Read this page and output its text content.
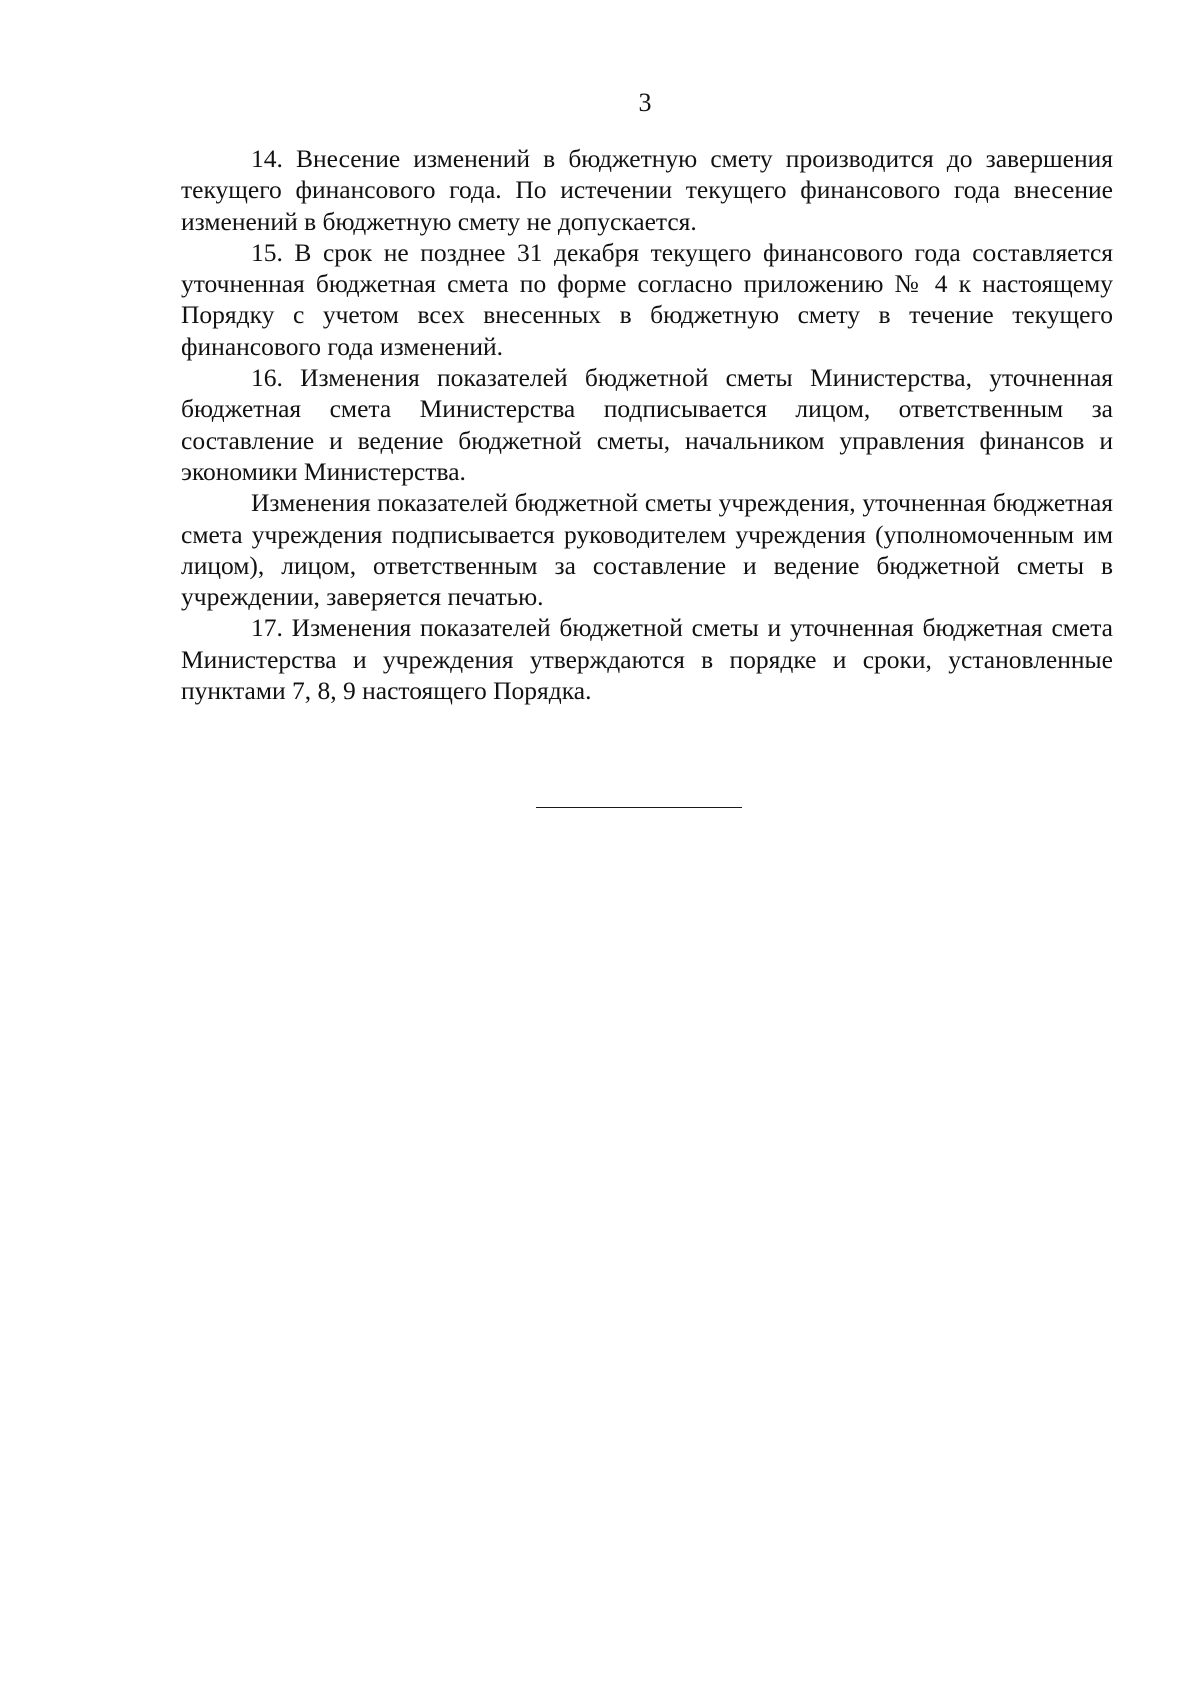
3

14. Внесение изменений в бюджетную смету производится до завершения текущего финансового года. По истечении текущего финансового года внесение изменений в бюджетную смету не допускается.

15. В срок не позднее 31 декабря текущего финансового года составляется уточненная бюджетная смета по форме согласно приложению № 4 к настоящему Порядку с учетом всех внесенных в бюджетную смету в течение текущего финансового года изменений.

16. Изменения показателей бюджетной сметы Министерства, уточненная бюджетная смета Министерства подписывается лицом, ответственным за составление и ведение бюджетной сметы, начальником управления финансов и экономики Министерства.

Изменения показателей бюджетной сметы учреждения, уточненная бюджетная смета учреждения подписывается руководителем учреждения (уполномоченным им лицом), лицом, ответственным за составление и ведение бюджетной сметы в учреждении, заверяется печатью.

17. Изменения показателей бюджетной сметы и уточненная бюджетная смета Министерства и учреждения утверждаются в порядке и сроки, установленные пунктами 7, 8, 9 настоящего Порядка.
